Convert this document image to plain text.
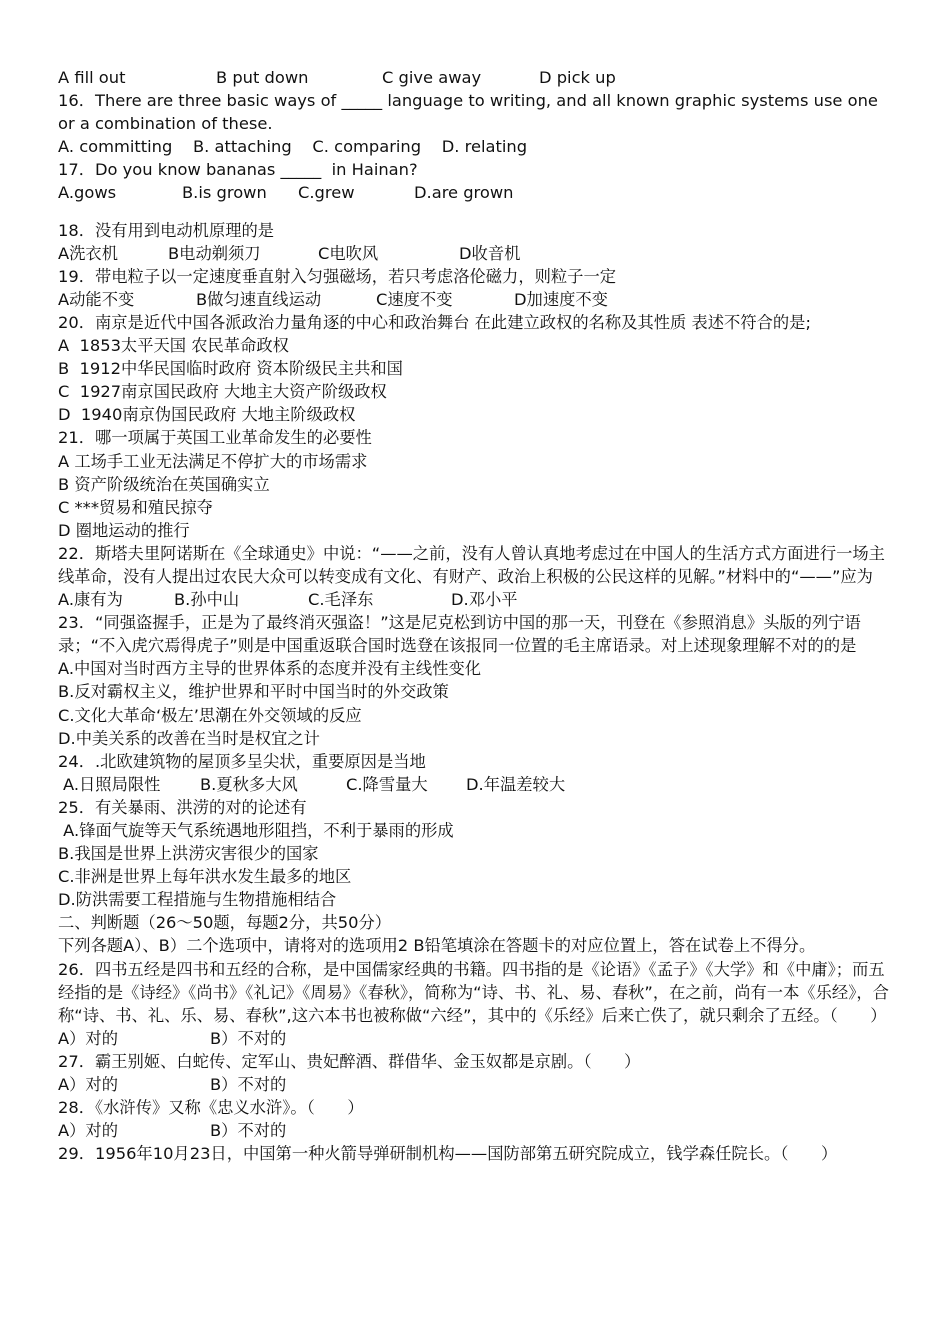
A fill out	B put down	C give away	D pick up
16．There are three basic ways of _____ language to writing, and all known graphic systems use one or a combination of these.
A. committing    B. attaching    C. comparing    D. relating
17．Do you know bananas _____  in Hainan?
A.gows	B.is grown	C.grew	D.are grown
18．没有用到电动机原理的是
A洗衣机	B电动剃须刀	C电吹风	D收音机
19．带电粒子以一定速度垂直射入匀强磁场，若只考虑洛伦磁力，则粒子一定
A动能不变	B做匀速直线运动	C速度不变	D加速度不变
20．南京是近代中国各派政治力量角逐的中心和政治舞台 在此建立政权的名称及其性质 表述不符合的是;
A  1853太平天国 农民革命政权
B  1912中华民国临时政府 资本阶级民主共和国
C  1927南京国民政府 大地主大资产阶级政权
D  1940南京伪国民政府 大地主阶级政权
21．哪一项属于英国工业革命发生的必要性
A 工场手工业无法满足不停扩大的市场需求
B 资产阶级统治在英国确实立
C ***贸易和殖民掠夺
D 圈地运动的推行
22．斯塔夫里阿诺斯在《全球通史》中说：“——之前，没有人曾认真地考虑过在中国人的生活方式方面进行一场主线革命，没有人提出过农民大众可以转变成有文化、有财产、政治上积极的公民这样的见解。”材料中的“——”应为
A.康有为	B.孙中山	C.毛泽东	D.邓小平
23．“同强盗握手，正是为了最终消灭强盗！”这是尼克松到访中国的那一天，刊登在《参照消息》头版的列宁语录；“不入虎穴焉得虎子”则是中国重返联合国时选登在该报同一位置的毛主席语录。对上述现象理解不对的的是
A.中国对当时西方主导的世界体系的态度并没有主线性变化
B.反对霸权主义，维护世界和平时中国当时的外交政策
C.文化大革命‘极左’思潮在外交领域的反应
D.中美关系的改善在当时是权宜之计
24．.北欧建筑物的屋顶多呈尖状，重要原因是当地
A.日照局限性	B.夏秋多大风	C.降雪量大	D.年温差较大
25．有关暴雨、洪涝的对的论述有
A.锋面气旋等天气系统遇地形阻挡，不利于暴雨的形成
B.我国是世界上洪涝灾害很少的国家
C.非洲是世界上每年洪水发生最多的地区
D.防洪需要工程措施与生物措施相结合
二、判断题（26～50题，每题2分，共50分）
下列各题A）、B）二个选项中，请将对的选项用2 B铅笔填涂在答题卡的对应位置上，答在试卷上不得分。
26．四书五经是四书和五经的合称，是中国儒家经典的书籍。四书指的是《论语》《孟子》《大学》和《中庸》；而五经指的是《诗经》《尚书》《礼记》《周易》《春秋》，简称为“诗、书、礼、易、春秋”，在之前，尚有一本《乐经》，合称“诗、书、礼、乐、易、春秋”,这六本书也被称做“六经”，其中的《乐经》后来亡佚了，就只剩余了五经。（　　）
A）对的	B）不对的
27．霸王别姬、白蛇传、定军山、贵妃醉酒、群借华、金玉奴都是京剧。（　　）
A）对的	B）不对的
28．《水浒传》又称《忠义水浒》。（　　）
A）对的	B）不对的
29．1956年10月23日，中国第一种火箭导弹研制机构——国防部第五研究院成立，钱学森任院长。（　　）
